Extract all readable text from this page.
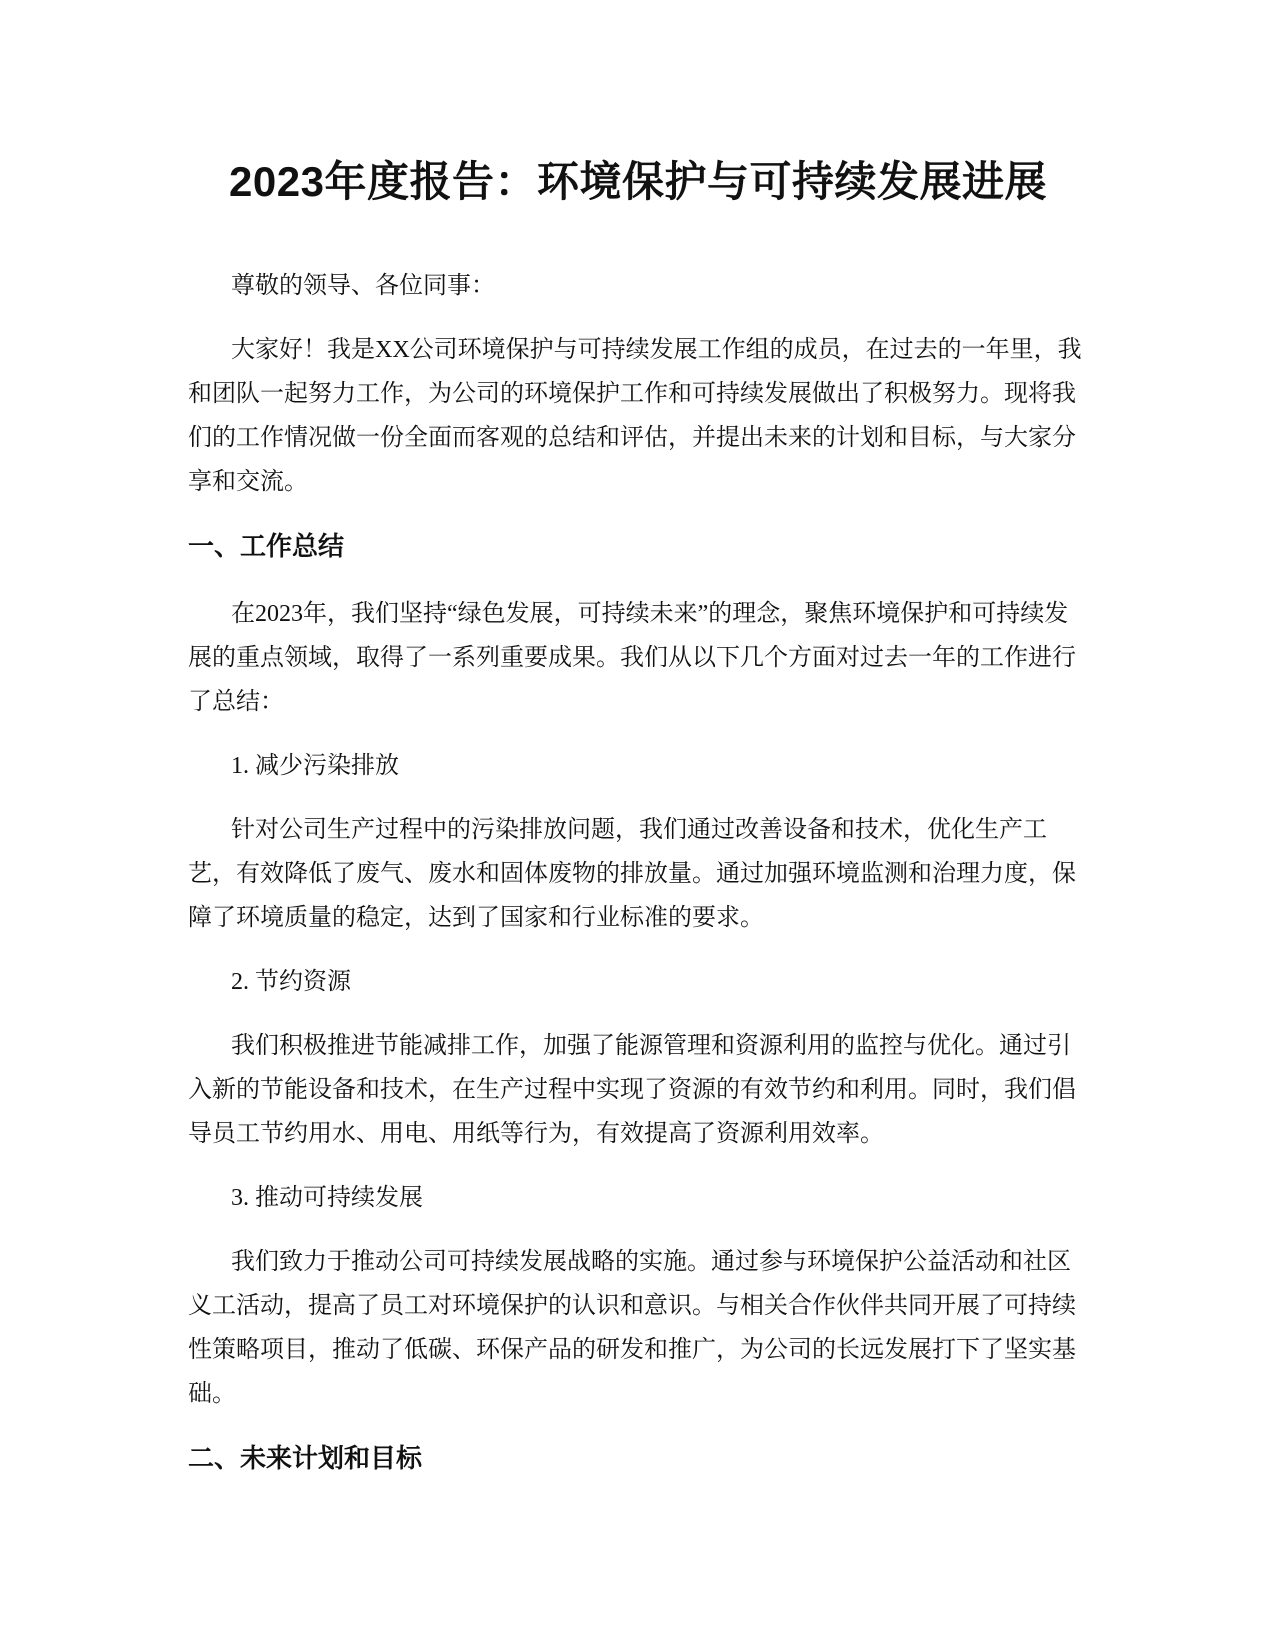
2023年度报告：环境保护与可持续发展进展

尊敬的领导、各位同事：

大家好！我是XX公司环境保护与可持续发展工作组的成员，在过去的一年里，我和团队一起努力工作，为公司的环境保护工作和可持续发展做出了积极努力。现将我们的工作情况做一份全面而客观的总结和评估，并提出未来的计划和目标，与大家分享和交流。

一、工作总结

在2023年，我们坚持“绿色发展，可持续未来”的理念，聚焦环境保护和可持续发展的重点领域，取得了一系列重要成果。我们从以下几个方面对过去一年的工作进行了总结：

1. 减少污染排放

针对公司生产过程中的污染排放问题，我们通过改善设备和技术，优化生产工艺，有效降低了废气、废水和固体废物的排放量。通过加强环境监测和治理力度，保障了环境质量的稳定，达到了国家和行业标准的要求。

2. 节约资源

我们积极推进节能减排工作，加强了能源管理和资源利用的监控与优化。通过引入新的节能设备和技术，在生产过程中实现了资源的有效节约和利用。同时，我们倡导员工节约用水、用电、用纸等行为，有效提高了资源利用效率。

3. 推动可持续发展

我们致力于推动公司可持续发展战略的实施。通过参与环境保护公益活动和社区义工活动，提高了员工对环境保护的认识和意识。与相关合作伙伴共同开展了可持续性策略项目，推动了低碳、环保产品的研发和推广，为公司的长远发展打下了坚实基础。

二、未来计划和目标
